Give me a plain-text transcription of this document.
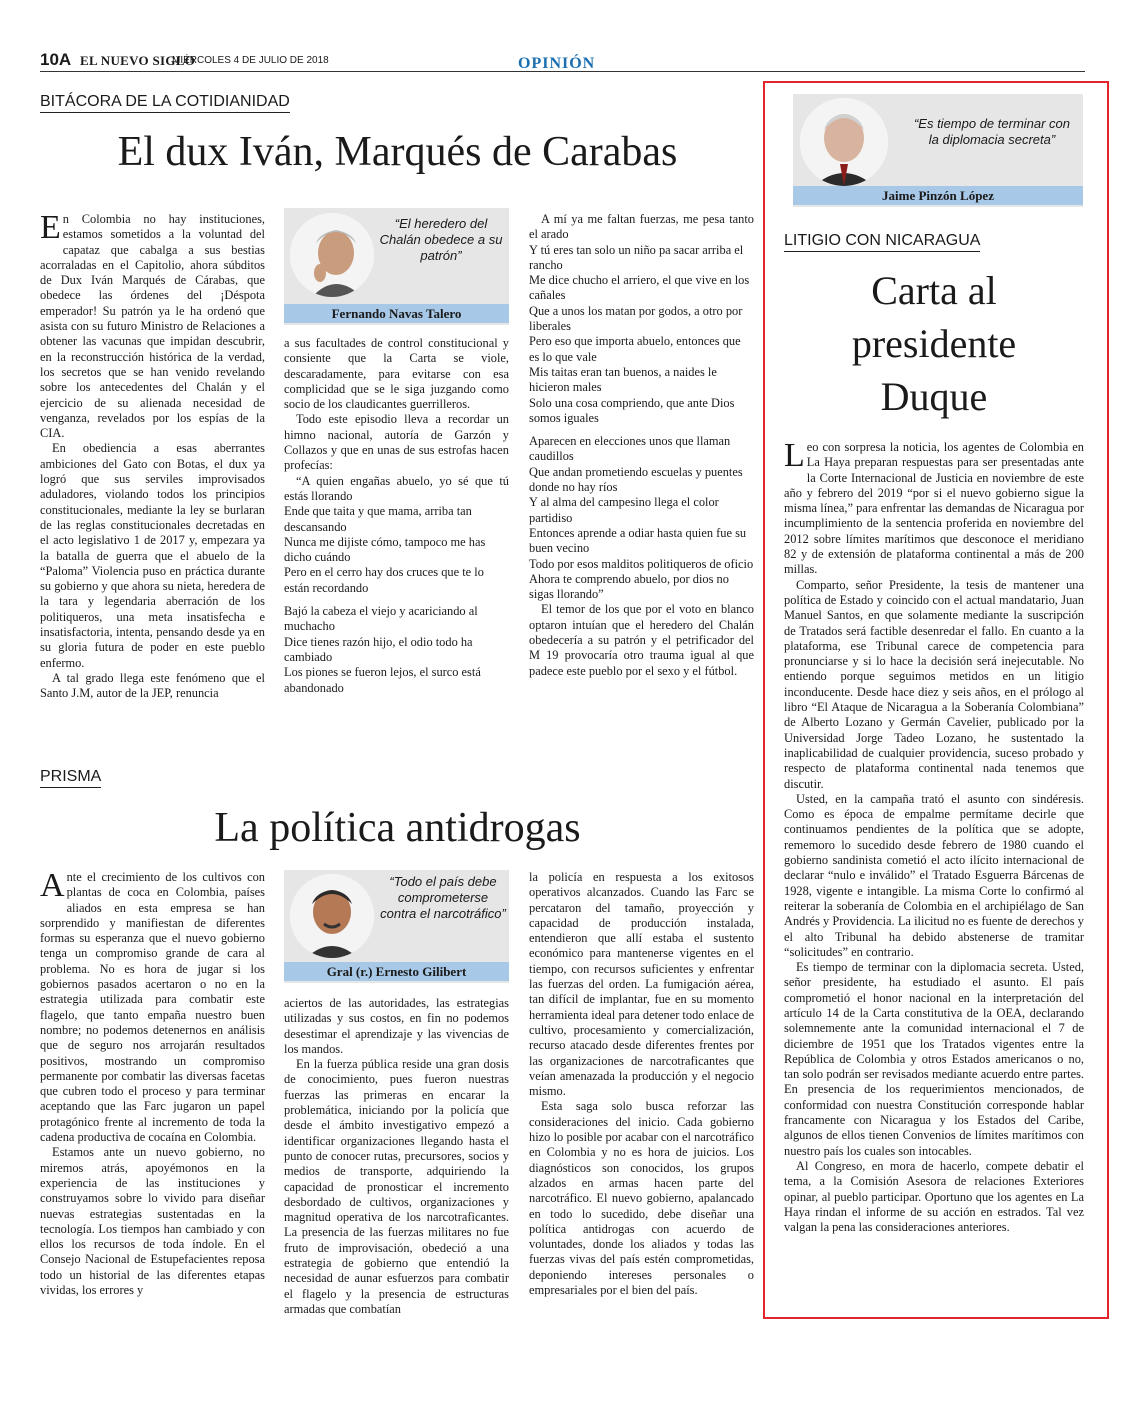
10A EL NUEVO SIGLO
MIÉRCOLES 4 DE JULIO DE 2018	OPINIÓN
BITÁCORA DE LA COTIDIANIDAD
El dux Iván, Marqués de Carabas

En Colombia no hay instituciones, estamos sometidos a la voluntad del capataz que cabalga a sus bestias acorraladas en el Capitolio, ahora súbditos de Dux Iván Marqués de Cárabas, que obedece las órdenes del ¡Déspota emperador! Su patrón ya le ha ordenó que asista con su futuro Ministro de Relaciones a obtener las vacunas que impidan descubrir, en la reconstrucción histórica de la verdad, los secretos que se han venido revelando sobre los antecedentes del Chalán y el ejercicio de su alienada necesidad de venganza, revelados por los espías de la CIA.

En obediencia a esas aberrantes ambiciones del Gato con Botas, el dux ya logró que sus serviles improvisados aduladores, violando todos los principios constitucionales, mediante la ley se burlaran de las reglas constitucionales decretadas en el acto legislativo 1 de 2017 y, empezara ya la batalla de guerra que el abuelo de la “Paloma” Violencia puso en práctica durante su gobierno y que ahora su nieta, heredera de la tara y legendaria aberración de los politiqueros, una meta insatisfecha e insatisfactoria, intenta, pensando desde ya en su gloria futura de poder en este pueblo enfermo.

A tal grado llega este fenómeno que el Santo J.M, autor de la JEP, renuncia

“El heredero del Chalán obedece a su patrón”
Fernando Navas Talero

a sus facultades de control constitucional y consiente que la Carta se viole, descaradamente, para evitarse con esa complicidad que se le siga juzgando como socio de los claudicantes guerrilleros.

Todo este episodio lleva a recordar un himno nacional, autoría de Garzón y Collazos y que en unas de sus estrofas hacen profecías:

“A quien engañas abuelo, yo sé que tú estás llorando

Ende que taita y que mama, arriba tan descansando

Nunca me dijiste cómo, tampoco me has dicho cuándo

Pero en el cerro hay dos cruces que te lo están recordando

Bajó la cabeza el viejo y acariciando al muchacho

Dice tienes razón hijo, el odio todo ha cambiado

Los piones se fueron lejos, el surco está abandonado

A mí ya me faltan fuerzas, me pesa tanto el arado

Y tú eres tan solo un niño pa sacar arriba el rancho

Me dice chucho el arriero, el que vive en los cañales

Que a unos los matan por godos, a otro por liberales

Pero eso que importa abuelo, entonces que es lo que vale

Mis taitas eran tan buenos, a naides le hicieron males

Solo una cosa compriendo, que ante Dios somos iguales

Aparecen en elecciones unos que llaman caudillos

Que andan prometiendo escuelas y puentes donde no hay ríos

Y al alma del campesino llega el color partidiso

Entonces aprende a odiar hasta quien fue su buen vecino

Todo por esos malditos politiqueros de oficio

Ahora te comprendo abuelo, por dios no sigas llorando”

El temor de los que por el voto en blanco optaron intuían que el heredero del Chalán obedecería a su patrón y el petrificador del M 19 provocaría otro trauma igual al que padece este pueblo por el sexo y el fútbol.

PRISMA
La política antidrogas

Ante el crecimiento de los cultivos con plantas de coca en Colombia, países aliados en esta empresa se han sorprendido y manifiestan de diferentes formas su esperanza que el nuevo gobierno tenga un compromiso grande de cara al problema. No es hora de jugar si los gobiernos pasados acertaron o no en la estrategia utilizada para combatir este flagelo, que tanto empaña nuestro buen nombre; no podemos detenernos en análisis que de seguro nos arrojarán resultados positivos, mostrando un compromiso permanente por combatir las diversas facetas que cubren todo el proceso y para terminar aceptando que las Farc jugaron un papel protagónico frente al incremento de toda la cadena productiva de cocaína en Colombia.

Estamos ante un nuevo gobierno, no miremos atrás, apoyémonos en la experiencia de las instituciones y construyamos sobre lo vivido para diseñar nuevas estrategias sustentadas en la tecnología. Los tiempos han cambiado y con ellos los recursos de toda índole. En el Consejo Nacional de Estupefacientes reposa todo un historial de las diferentes etapas vividas, los errores y

“Todo el país debe comprometerse contra el narcotráfico”
Gral (r.) Ernesto Gilibert

aciertos de las autoridades, las estrategias utilizadas y sus costos, en fin no podemos desestimar el aprendizaje y las vivencias de los mandos.

En la fuerza pública reside una gran dosis de conocimiento, pues fueron nuestras fuerzas las primeras en encarar la problemática, iniciando por la policía que desde el ámbito investigativo empezó a identificar organizaciones llegando hasta el punto de conocer rutas, precursores, socios y medios de transporte, adquiriendo la capacidad de pronosticar el incremento desbordado de cultivos, organizaciones y magnitud operativa de los narcotraficantes. La presencia de las fuerzas militares no fue fruto de improvisación, obedeció a una estrategia de gobierno que entendió la necesidad de aunar esfuerzos para combatir el flagelo y la presencia de estructuras armadas que combatían

la policía en respuesta a los exitosos operativos alcanzados. Cuando las Farc se percataron del tamaño, proyección y capacidad de producción instalada, entendieron que allí estaba el sustento económico para mantenerse vigentes en el tiempo, con recursos suficientes y enfrentar las fuerzas del orden. La fumigación aérea, tan difícil de implantar, fue en su momento herramienta ideal para detener todo enlace de cultivo, procesamiento y comercialización, recurso atacado desde diferentes frentes por las organizaciones de narcotraficantes que veían amenazada la producción y el negocio mismo.

Esta saga solo busca reforzar las consideraciones del inicio. Cada gobierno hizo lo posible por acabar con el narcotráfico en Colombia y no es hora de juicios. Los diagnósticos son conocidos, los grupos alzados en armas hacen parte del narcotráfico. El nuevo gobierno, apalancado en todo lo sucedido, debe diseñar una política antidrogas con acuerdo de voluntades, donde los aliados y todas las fuerzas vivas del país estén comprometidas, deponiendo intereses personales o empresariales por el bien del país.

“Es tiempo de terminar con la diplomacia secreta”
Jaime Pinzón López
LITIGIO CON NICARAGUA
Carta al
presidente
Duque

Leo con sorpresa la noticia, los agentes de Colombia en La Haya preparan respuestas para ser presentadas ante la Corte Internacional de Justicia en noviembre de este año y febrero del 2019 “por si el nuevo gobierno sigue la misma línea,” para enfrentar las demandas de Nicaragua por incumplimiento de la sentencia proferida en noviembre del 2012 sobre límites marítimos que desconoce el meridiano 82 y de extensión de plataforma continental a más de 200 millas.

Comparto, señor Presidente, la tesis de mantener una política de Estado y coincido con el actual mandatario, Juan Manuel Santos, en que solamente mediante la suscripción de Tratados será factible desenredar el fallo. En cuanto a la plataforma, ese Tribunal carece de competencia para pronunciarse y si lo hace la decisión será inejecutable. No entiendo porque seguimos metidos en un litigio inconducente. Desde hace diez y seis años, en el prólogo al libro “El Ataque de Nicaragua a la Soberanía Colombiana” de Alberto Lozano y Germán Cavelier, publicado por la Universidad Jorge Tadeo Lozano, he sustentado la inaplicabilidad de cualquier providencia, suceso probado y respecto de plataforma continental nada tenemos que discutir.

Usted, en la campaña trató el asunto con sindéresis. Como es época de empalme permítame decirle que continuamos pendientes de la política que se adopte, rememoro lo sucedido desde febrero de 1980 cuando el gobierno sandinista cometió el acto ilícito internacional de declarar “nulo e inválido” el Tratado Esguerra Bárcenas de 1928, vigente e intangible. La misma Corte lo confirmó al reiterar la soberanía de Colombia en el archipiélago de San Andrés y Providencia. La ilicitud no es fuente de derechos y el alto Tribunal ha debido abstenerse de tramitar “solicitudes” en contrario.

Es tiempo de terminar con la diplomacia secreta. Usted, señor presidente, ha estudiado el asunto. El país comprometió el honor nacional en la interpretación del artículo 14 de la Carta constitutiva de la OEA, declarando solemnemente ante la comunidad internacional el 7 de diciembre de 1951 que los Tratados vigentes entre la República de Colombia y otros Estados americanos o no, tan solo podrán ser revisados mediante acuerdo entre partes. En presencia de los requerimientos mencionados, de conformidad con nuestra Constitución corresponde hablar francamente con Nicaragua y los Estados del Caribe, algunos de ellos tienen Convenios de límites marítimos con nuestro país los cuales son intocables.

Al Congreso, en mora de hacerlo, compete debatir el tema, a la Comisión Asesora de relaciones Exteriores opinar, al pueblo participar. Oportuno que los agentes en La Haya rindan el informe de su acción en estrados. Tal vez valgan la pena las consideraciones anteriores.
